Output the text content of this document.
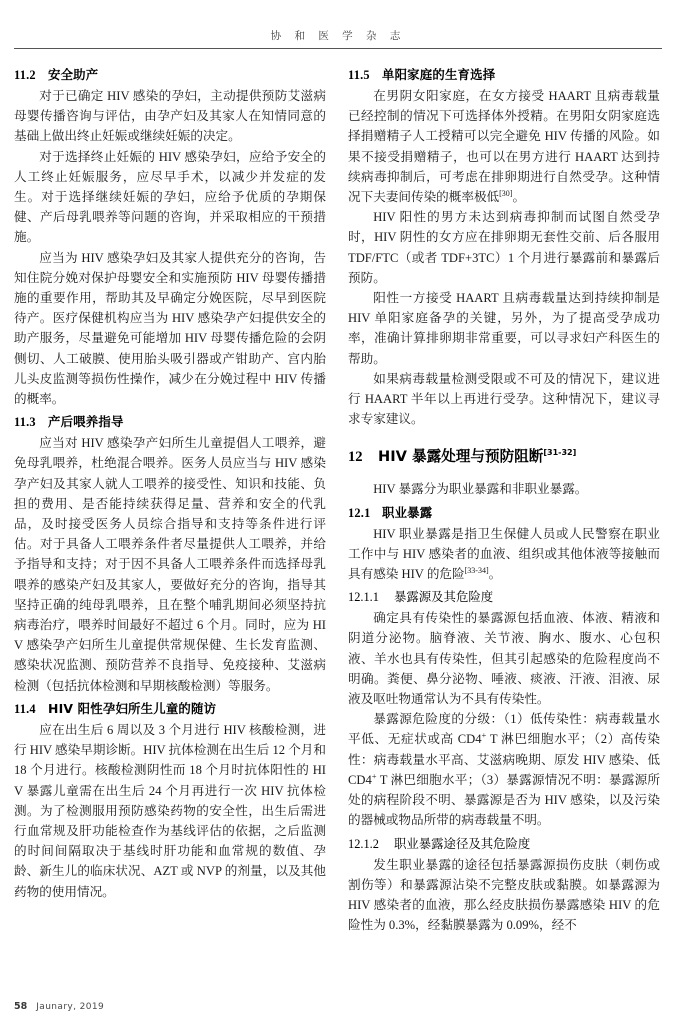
协 和 医 学 杂 志
11.2 安全助产

对于已确定 HIV 感染的孕妇，主动提供预防艾滋病母婴传播咨询与评估，由孕产妇及其家人在知情同意的基础上做出终止妊娠或继续妊娠的决定。

对于选择终止妊娠的 HIV 感染孕妇，应给予安全的人工终止妊娠服务，应尽早手术，以减少并发症的发生。对于选择继续妊娠的孕妇，应给予优质的孕期保健、产后母乳喂养等问题的咨询，并采取相应的干预措施。

应当为 HIV 感染孕妇及其家人提供充分的咨询，告知住院分娩对保护母婴安全和实施预防 HIV 母婴传播措施的重要作用，帮助其及早确定分娩医院，尽早到医院待产。医疗保健机构应当为 HIV 感染孕产妇提供安全的助产服务，尽量避免可能增加 HIV 母婴传播危险的会阴侧切、人工破膜、使用胎头吸引器或产钳助产、宫内胎儿头皮监测等损伤性操作，减少在分娩过程中 HIV 传播的概率。

11.3 产后喂养指导

应当对 HIV 感染孕产妇所生儿童提倡人工喂养，避免母乳喂养，杜绝混合喂养。医务人员应当与 HIV 感染孕产妇及其家人就人工喂养的接受性、知识和技能、负担的费用、是否能持续获得足量、营养和安全的代乳品，及时接受医务人员综合指导和支持等条件进行评估。对于具备人工喂养条件者尽量提供人工喂养，并给予指导和支持；对于因不具备人工喂养条件而选择母乳喂养的感染产妇及其家人，要做好充分的咨询，指导其坚持正确的纯母乳喂养，且在整个哺乳期间必须坚持抗病毒治疗，喂养时间最好不超过 6 个月。同时，应为 HIV 感染孕产妇所生儿童提供常规保健、生长发育监测、感染状况监测、预防营养不良指导、免疫接种、艾滋病检测（包括抗体检测和早期核酸检测）等服务。

11.4 HIV 阳性孕妇所生儿童的随访

应在出生后 6 周以及 3 个月进行 HIV 核酸检测，进行 HIV 感染早期诊断。HIV 抗体检测在出生后 12 个月和 18 个月进行。核酸检测阴性而 18 个月时抗体阳性的 HIV 暴露儿童需在出生后 24 个月再进行一次 HIV 抗体检测。为了检测服用预防感染药物的安全性，出生后需进行血常规及肝功能检查作为基线评估的依据，之后监测的时间间隔取决于基线时肝功能和血常规的数值、孕龄、新生儿的临床状况、AZT 或 NVP 的剂量，以及其他药物的使用情况。

11.5 单阳家庭的生育选择

在男阴女阳家庭，在女方接受 HAART 且病毒载量已经控制的情况下可选择体外授精。在男阳女阴家庭选择捐赠精子人工授精可以完全避免 HIV 传播的风险。如果不接受捐赠精子，也可以在男方进行 HAART 达到持续病毒抑制后，可考虑在排卵期进行自然受孕。这种情况下夫妻间传染的概率极低[30]。

HIV 阳性的男方未达到病毒抑制而试图自然受孕时，HIV 阴性的女方应在排卵期无套性交前、后各服用 TDF/FTC（或者 TDF+3TC）1 个月进行暴露前和暴露后预防。

阳性一方接受 HAART 且病毒载量达到持续抑制是 HIV 单阳家庭备孕的关键，另外，为了提高受孕成功率，准确计算排卵期非常重要，可以寻求妇产科医生的帮助。

如果病毒载量检测受限或不可及的情况下，建议进行 HAART 半年以上再进行受孕。这种情况下，建议寻求专家建议。

12 HIV 暴露处理与预防阻断[31-32]

HIV 暴露分为职业暴露和非职业暴露。

12.1 职业暴露

HIV 职业暴露是指卫生保健人员或人民警察在职业工作中与 HIV 感染者的血液、组织或其他体液等接触而具有感染 HIV 的危险[33-34]。

12.1.1 暴露源及其危险度

确定具有传染性的暴露源包括血液、体液、精液和阴道分泌物。脑脊液、关节液、胸水、腹水、心包积液、羊水也具有传染性，但其引起感染的危险程度尚不明确。粪便、鼻分泌物、唾液、痰液、汗液、泪液、尿液及呕吐物通常认为不具有传染性。

暴露源危险度的分级：（1）低传染性：病毒载量水平低、无症状或高 CD4+ T 淋巴细胞水平；（2）高传染性：病毒载量水平高、艾滋病晚期、原发 HIV 感染、低 CD4+ T 淋巴细胞水平；（3）暴露源情况不明：暴露源所处的病程阶段不明、暴露源是否为 HIV 感染，以及污染的器械或物品所带的病毒载量不明。

12.1.2 职业暴露途径及其危险度

发生职业暴露的途径包括暴露源损伤皮肤（刺伤或割伤等）和暴露源沾染不完整皮肤或黏膜。如暴露源为 HIV 感染者的血液，那么经皮肤损伤暴露感染 HIV 的危险性为 0.3%，经黏膜暴露为 0.09%，经不

58 Jaunary, 2019
